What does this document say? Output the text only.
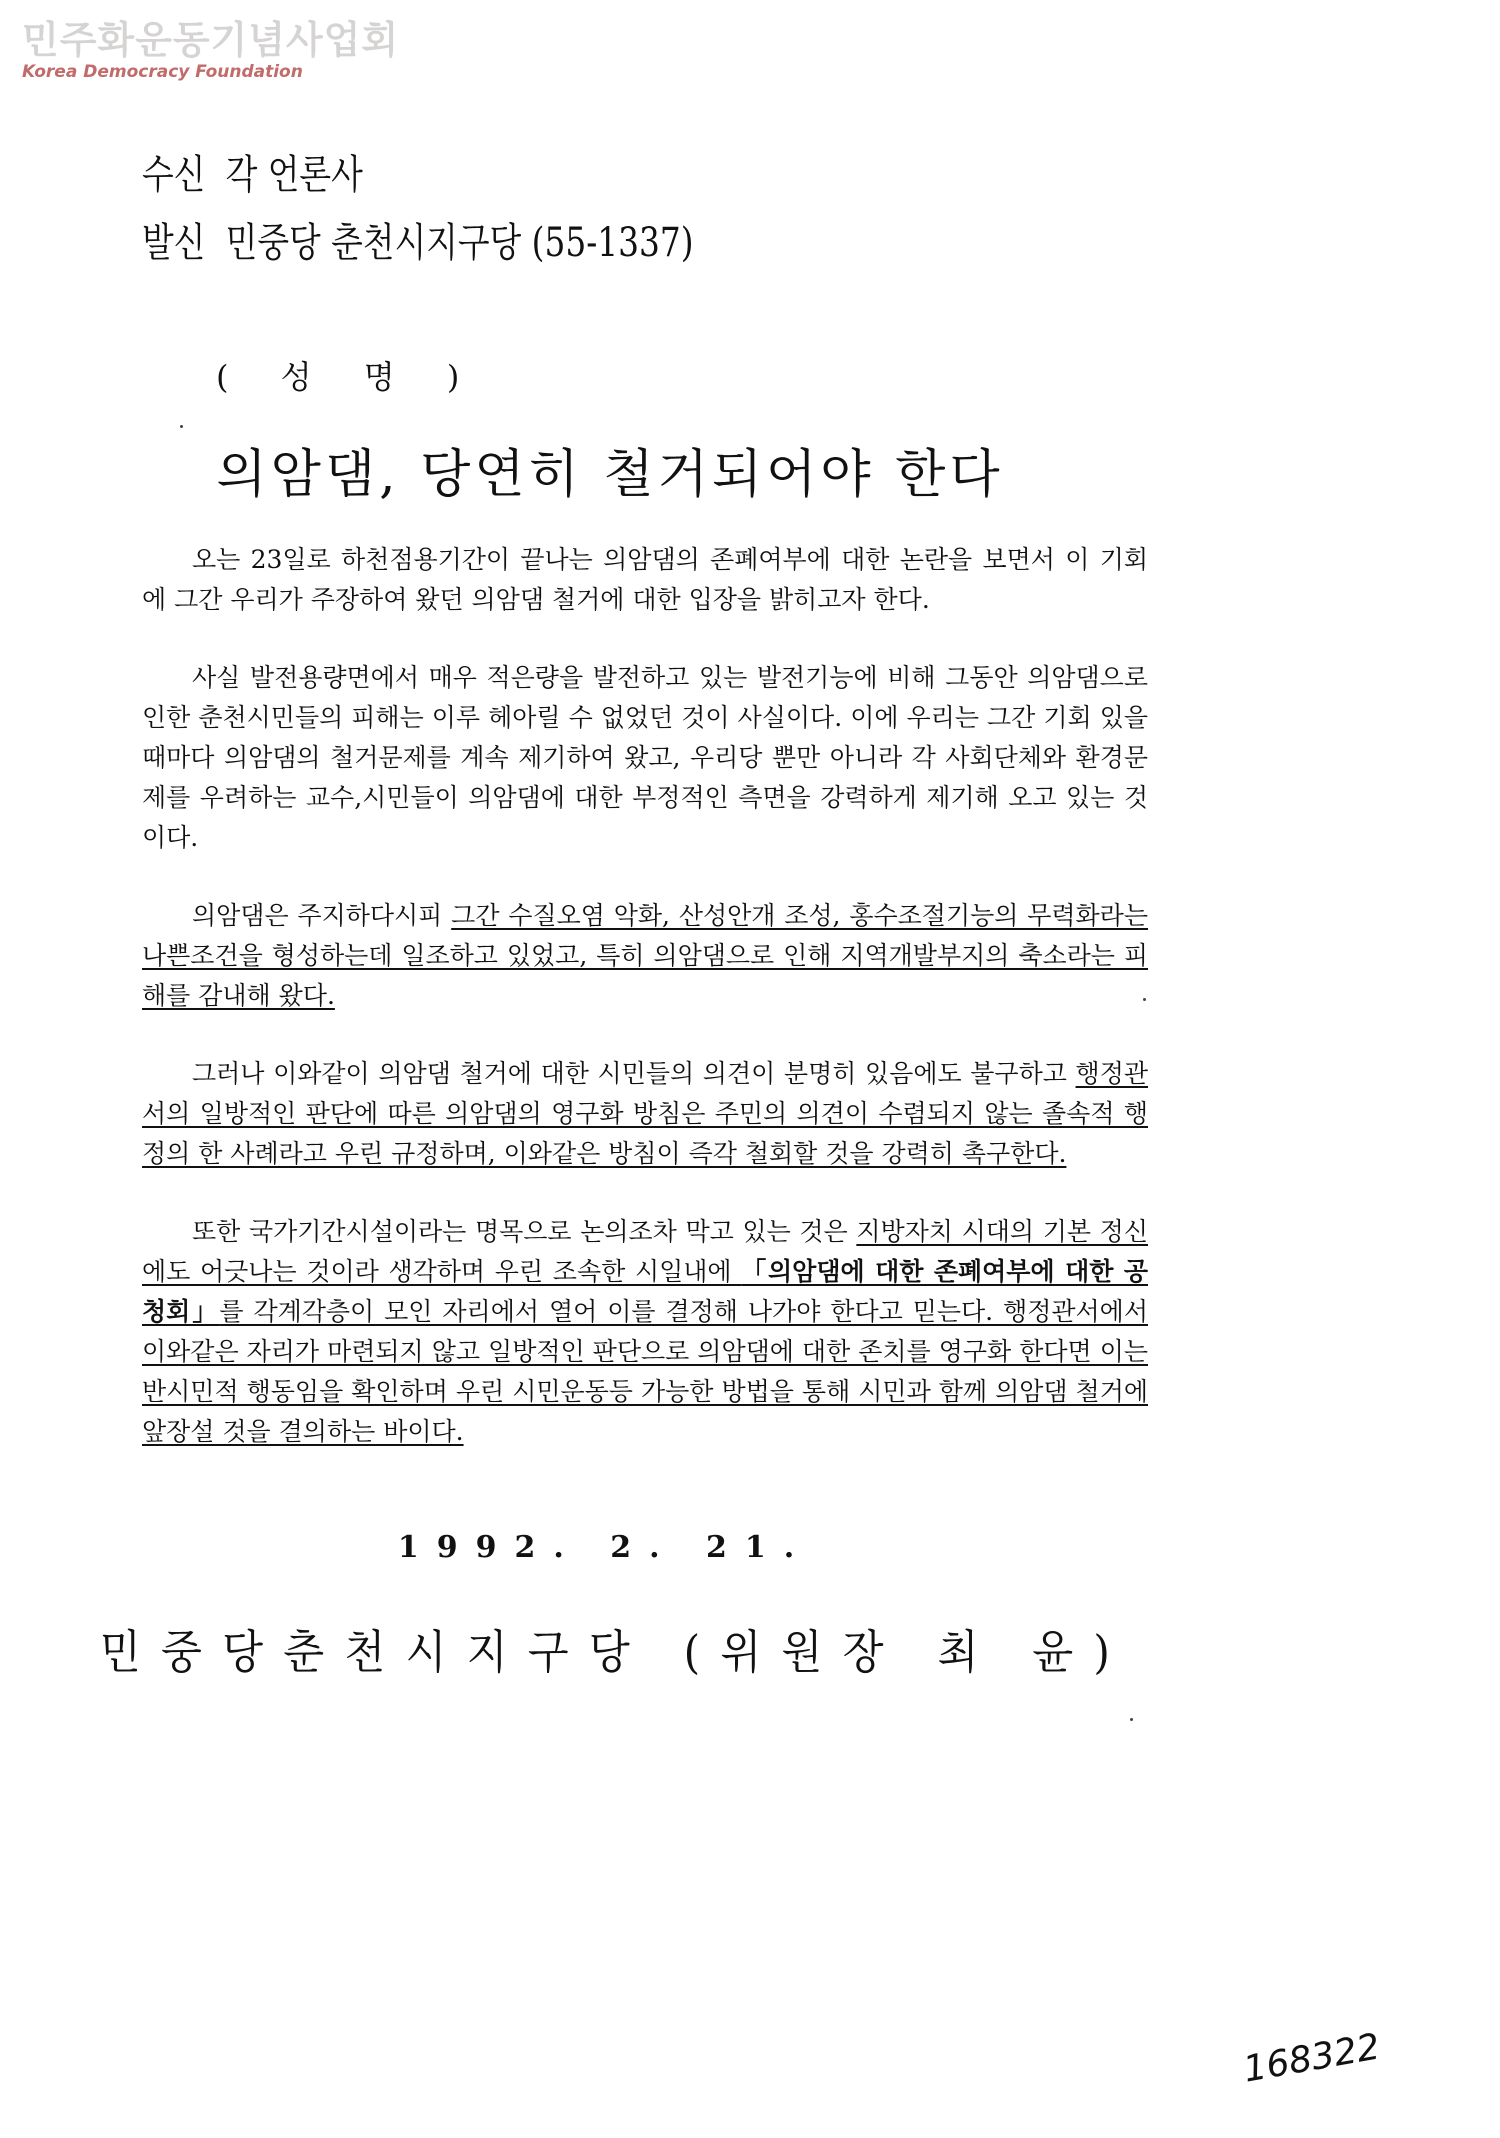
민주화운동기념사업회
Korea Democracy Foundation
수신 각 언론사
발신 민중당 춘천시지구당 (55-1337)
( 성 명 )
의암댐, 당연히 철거되어야 한다

오는 23일로 하천점용기간이 끝나는 의암댐의 존폐여부에 대한 논란을 보면서 이 기회에 그간 우리가 주장하여 왔던 의암댐 철거에 대한 입장을 밝히고자 한다.

사실 발전용량면에서 매우 적은량을 발전하고 있는 발전기능에 비해 그동안 의암댐으로 인한 춘천시민들의 피해는 이루 헤아릴 수 없었던 것이 사실이다. 이에 우리는 그간 기회 있을때마다 의암댐의 철거문제를 계속 제기하여 왔고, 우리당 뿐만 아니라 각 사회단체와 환경문제를 우려하는 교수,시민들이 의암댐에 대한 부정적인 측면을 강력하게 제기해 오고 있는 것이다.

의암댐은 주지하다시피 그간 수질오염 악화, 산성안개 조성, 홍수조절기능의 무력화라는 나쁜조건을 형성하는데 일조하고 있었고, 특히 의암댐으로 인해 지역개발부지의 축소라는 피해를 감내해 왔다.

그러나 이와같이 의암댐 철거에 대한 시민들의 의견이 분명히 있음에도 불구하고 행정관서의 일방적인 판단에 따른 의암댐의 영구화 방침은 주민의 의견이 수렴되지 않는 졸속적 행정의 한 사례라고 우린 규정하며, 이와같은 방침이 즉각 철회할 것을 강력히 촉구한다.

또한 국가기간시설이라는 명목으로 논의조차 막고 있는 것은 지방자치 시대의 기본 정신에도 어긋나는 것이라 생각하며 우린 조속한 시일내에 「의암댐에 대한 존폐여부에 대한 공청회」를 각계각층이 모인 자리에서 열어 이를 결정해 나가야 한다고 믿는다. 행정관서에서 이와같은 자리가 마련되지 않고 일방적인 판단으로 의암댐에 대한 존치를 영구화 한다면 이는 반시민적 행동임을 확인하며 우린 시민운동등 가능한 방법을 통해 시민과 함께 의암댐 철거에 앞장설 것을 결의하는 바이다.

1992. 2. 21.
민중당춘천시지구당 (위원장 최 윤)
168322
